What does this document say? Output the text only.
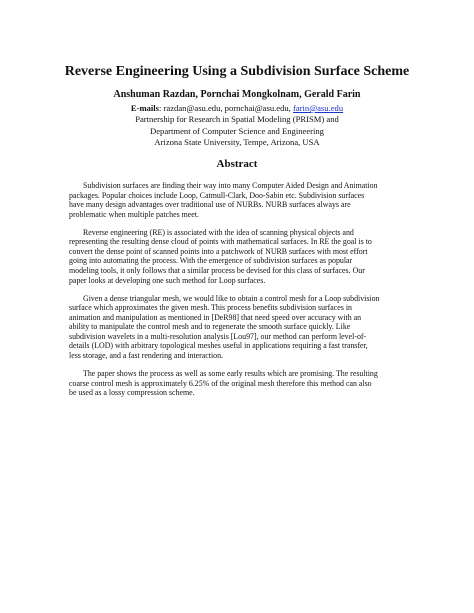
Reverse Engineering Using a Subdivision Surface Scheme
Anshuman Razdan, Pornchai Mongkolnam, Gerald Farin
E-mails: razdan@asu.edu, pornchai@asu.edu, farin@asu.edu
Partnership for Research in Spatial Modeling (PRISM) and
Department of Computer Science and Engineering
Arizona State University, Tempe, Arizona, USA
Abstract

Subdivision surfaces are finding their way into many Computer Aided Design and Animation
packages. Popular choices include Loop, Catmull-Clark, Doo-Sabin etc. Subdivision surfaces
have many design advantages over traditional use of NURBs. NURB surfaces always are
problematic when multiple patches meet.

Reverse engineering (RE) is associated with the idea of scanning physical objects and
representing the resulting dense cloud of points with mathematical surfaces. In RE the goal is to
convert the dense point of scanned points into a patchwork of NURB surfaces with most effort
going into automating the process. With the emergence of subdivision surfaces as popular
modeling tools, it only follows that a similar process be devised for this class of surfaces. Our
paper looks at developing one such method for Loop surfaces.

Given a dense triangular mesh, we would like to obtain a control mesh for a Loop subdivision
surface which approximates the given mesh. This process benefits subdivision surfaces in
animation and manipulation as mentioned in [DeR98] that need speed over accuracy with an
ability to manipulate the control mesh and to regenerate the smooth surface quickly. Like
subdivision wavelets in a multi-resolution analysis [Lou97], our method can perform level-of-
details (LOD) with arbitrary topological meshes useful in applications requiring a fast transfer,
less storage, and a fast rendering and interaction.

The paper shows the process as well as some early results which are promising. The resulting
coarse control mesh is approximately 6.25% of the original mesh therefore this method can also
be used as a lossy compression scheme.
